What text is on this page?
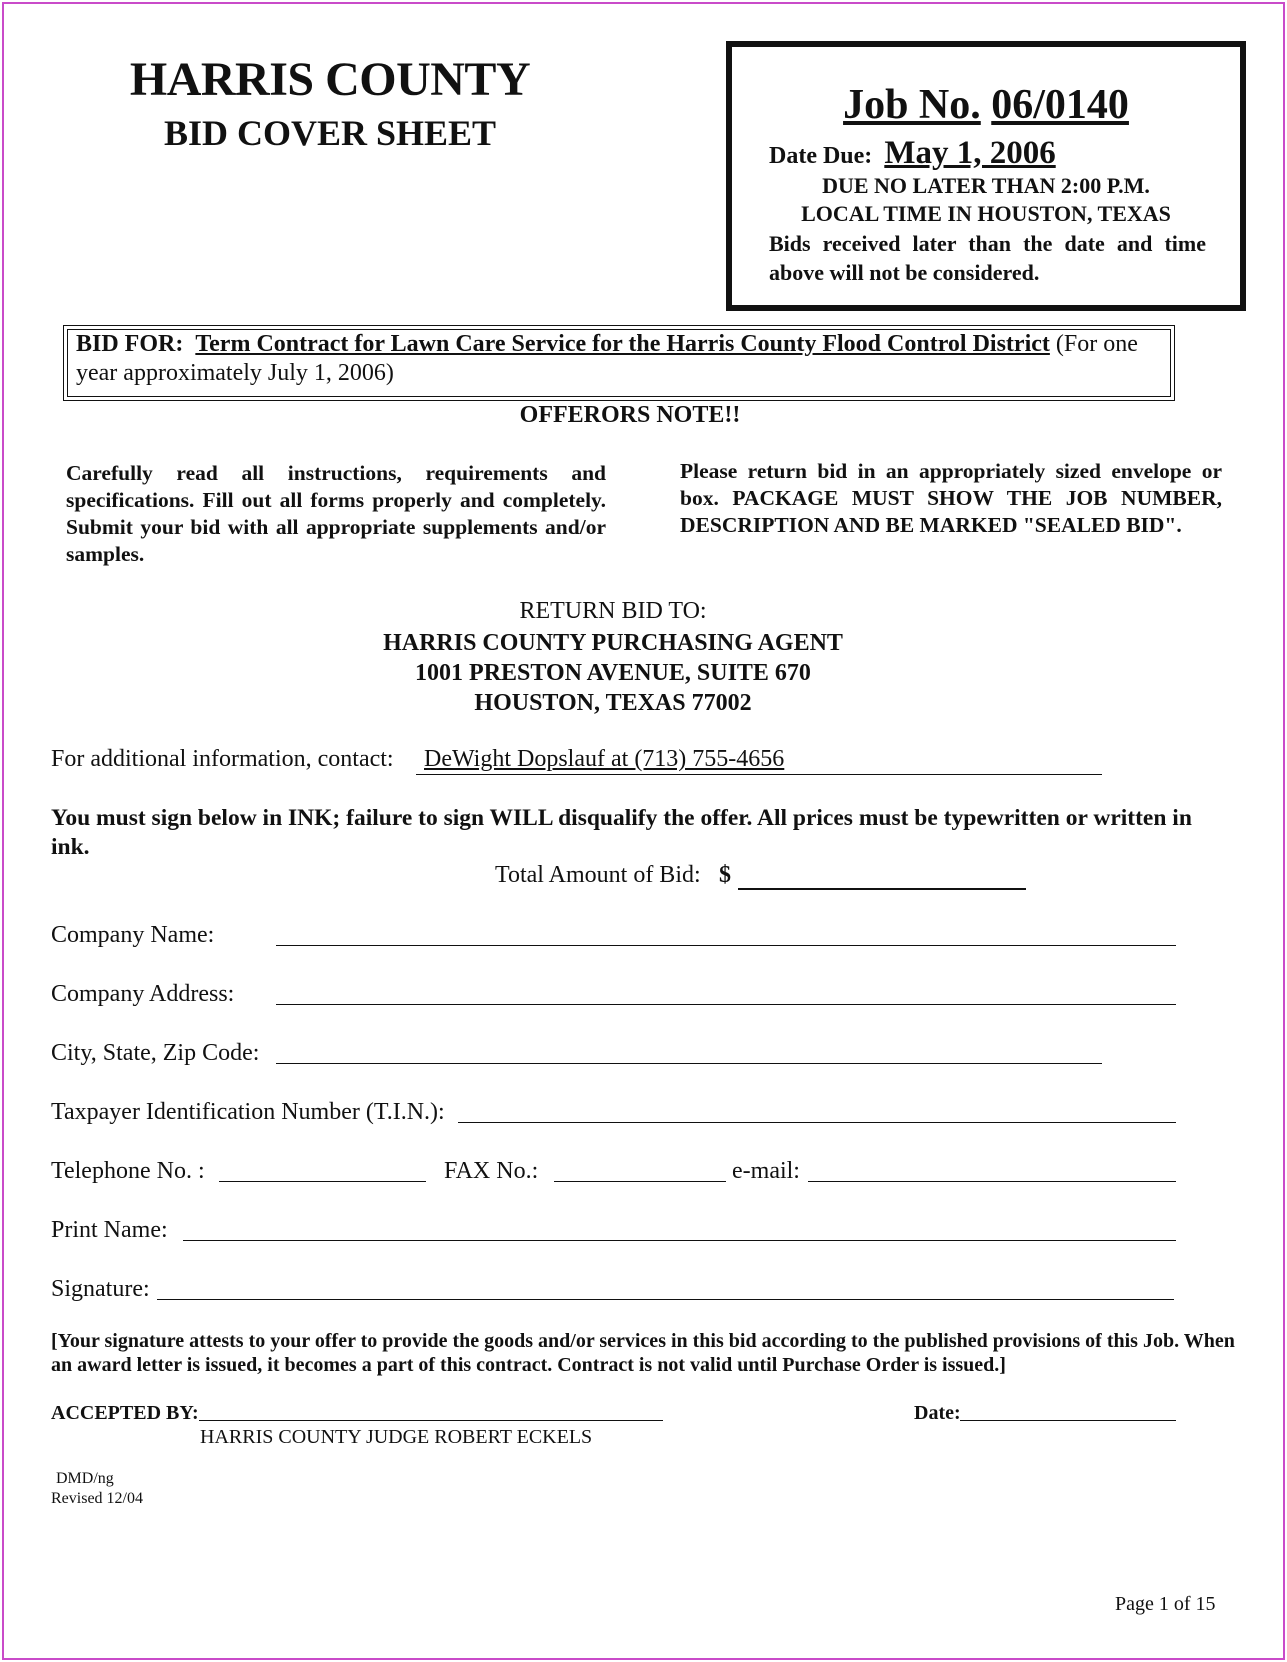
HARRIS COUNTY
BID COVER SHEET
Job No. 06/0140
Date Due: May 1, 2006
DUE NO LATER THAN 2:00 P.M.
LOCAL TIME IN HOUSTON, TEXAS
Bids received later than the date and time above will not be considered.
BID FOR: Term Contract for Lawn Care Service for the Harris County Flood Control District (For one year approximately July 1, 2006)
OFFERORS NOTE!!
Carefully read all instructions, requirements and specifications. Fill out all forms properly and completely. Submit your bid with all appropriate supplements and/or samples.
Please return bid in an appropriately sized envelope or box. PACKAGE MUST SHOW THE JOB NUMBER, DESCRIPTION AND BE MARKED "SEALED BID".
RETURN BID TO:
HARRIS COUNTY PURCHASING AGENT
1001 PRESTON AVENUE, SUITE 670
HOUSTON, TEXAS 77002
For additional information, contact:	DeWight Dopslauf at (713) 755-4656
You must sign below in INK; failure to sign WILL disqualify the offer. All prices must be typewritten or written in ink.
Total Amount of Bid: $
Company Name:
Company Address:
City, State, Zip Code:
Taxpayer Identification Number (T.I.N.):
Telephone No. :	FAX No.:	e-mail:
Print Name:
Signature:
[Your signature attests to your offer to provide the goods and/or services in this bid according to the published provisions of this Job. When an award letter is issued, it becomes a part of this contract. Contract is not valid until Purchase Order is issued.]
ACCEPTED BY:
HARRIS COUNTY JUDGE ROBERT ECKELS
Date:
DMD/ng
Revised 12/04
Page 1 of 15
